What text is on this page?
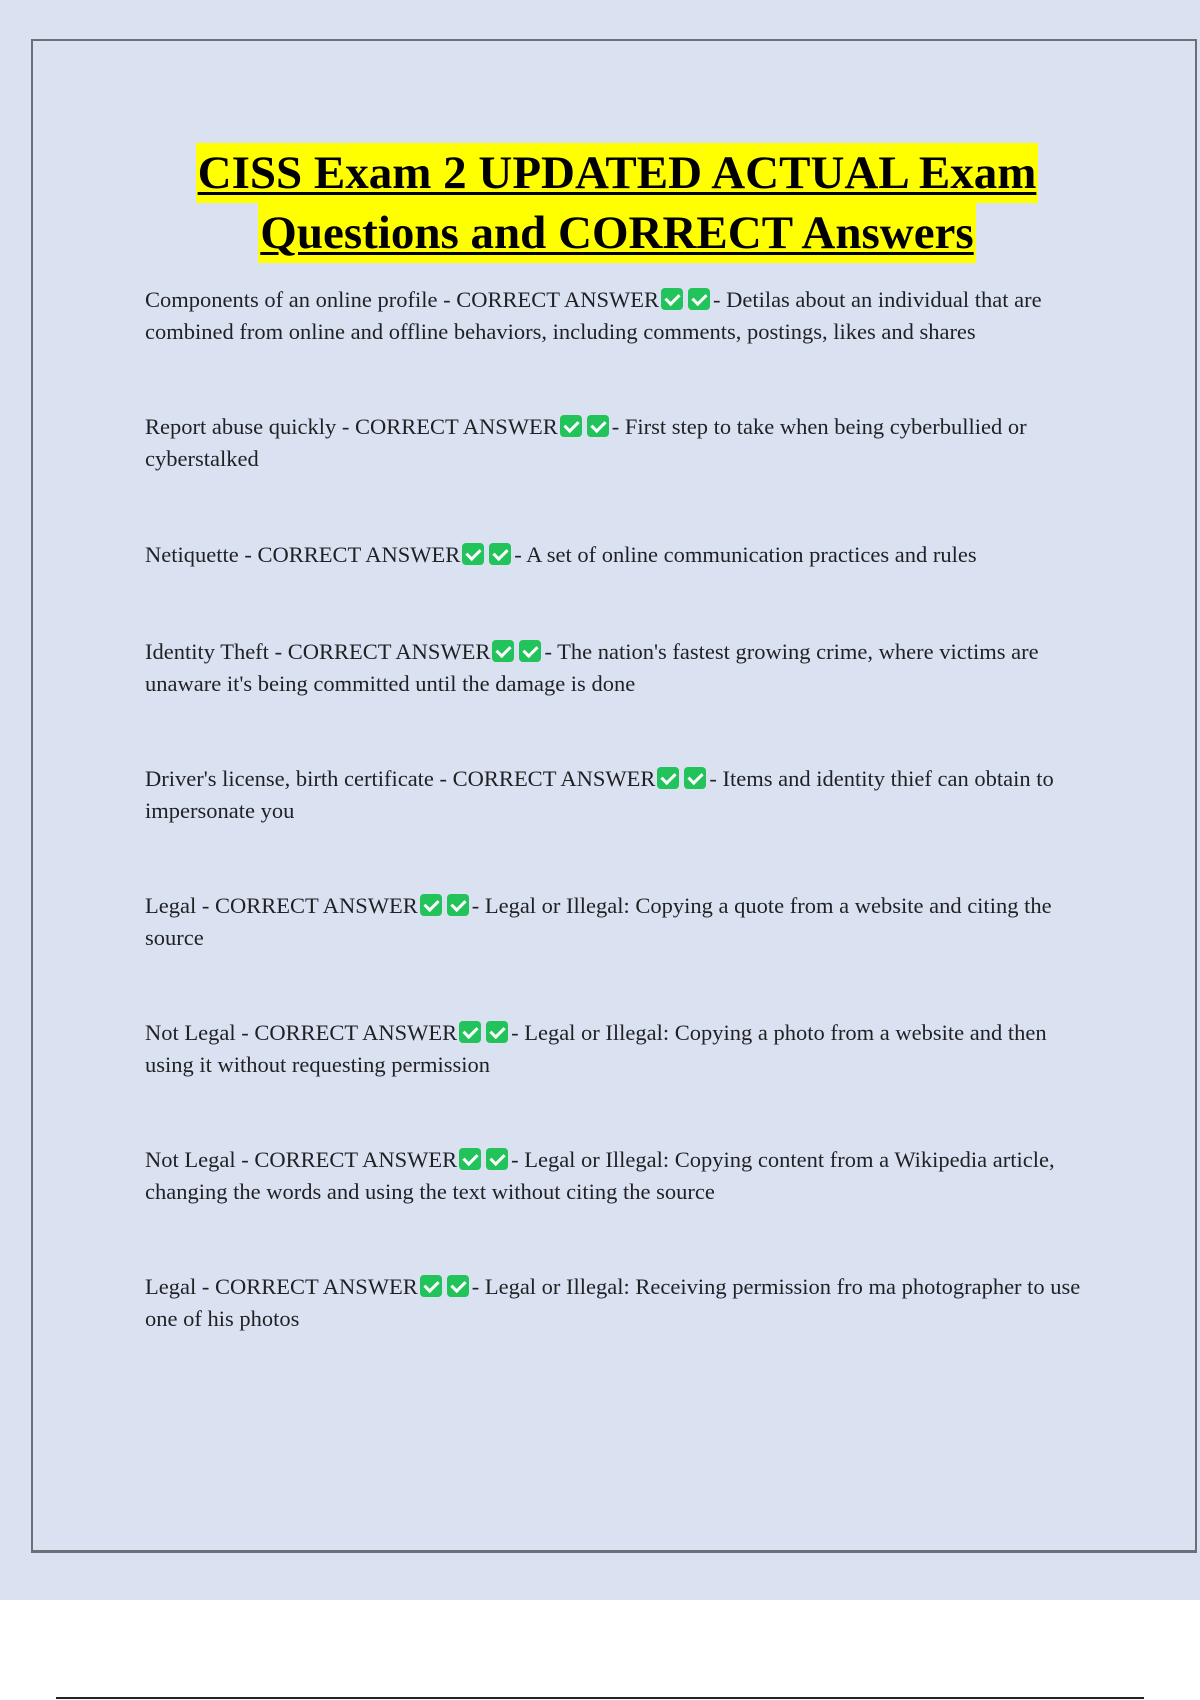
CISS Exam 2 UPDATED ACTUAL Exam
Questions and CORRECT Answers
Components of an online profile - CORRECT ANSWER - Detilas about an individual that are combined from online and offline behaviors, including comments, postings, likes and shares
Report abuse quickly - CORRECT ANSWER - First step to take when being cyberbullied or cyberstalked
Netiquette - CORRECT ANSWER - A set of online communication practices and rules
Identity Theft - CORRECT ANSWER - The nation's fastest growing crime, where victims are unaware it's being committed until the damage is done
Driver's license, birth certificate - CORRECT ANSWER - Items and identity thief can obtain to impersonate you
Legal - CORRECT ANSWER - Legal or Illegal: Copying a quote from a website and citing the source
Not Legal - CORRECT ANSWER - Legal or Illegal: Copying a photo from a website and then using it without requesting permission
Not Legal - CORRECT ANSWER - Legal or Illegal: Copying content from a Wikipedia article, changing the words and using the text without citing the source
Legal - CORRECT ANSWER - Legal or Illegal: Receiving permission fro ma photographer to use one of his photos
